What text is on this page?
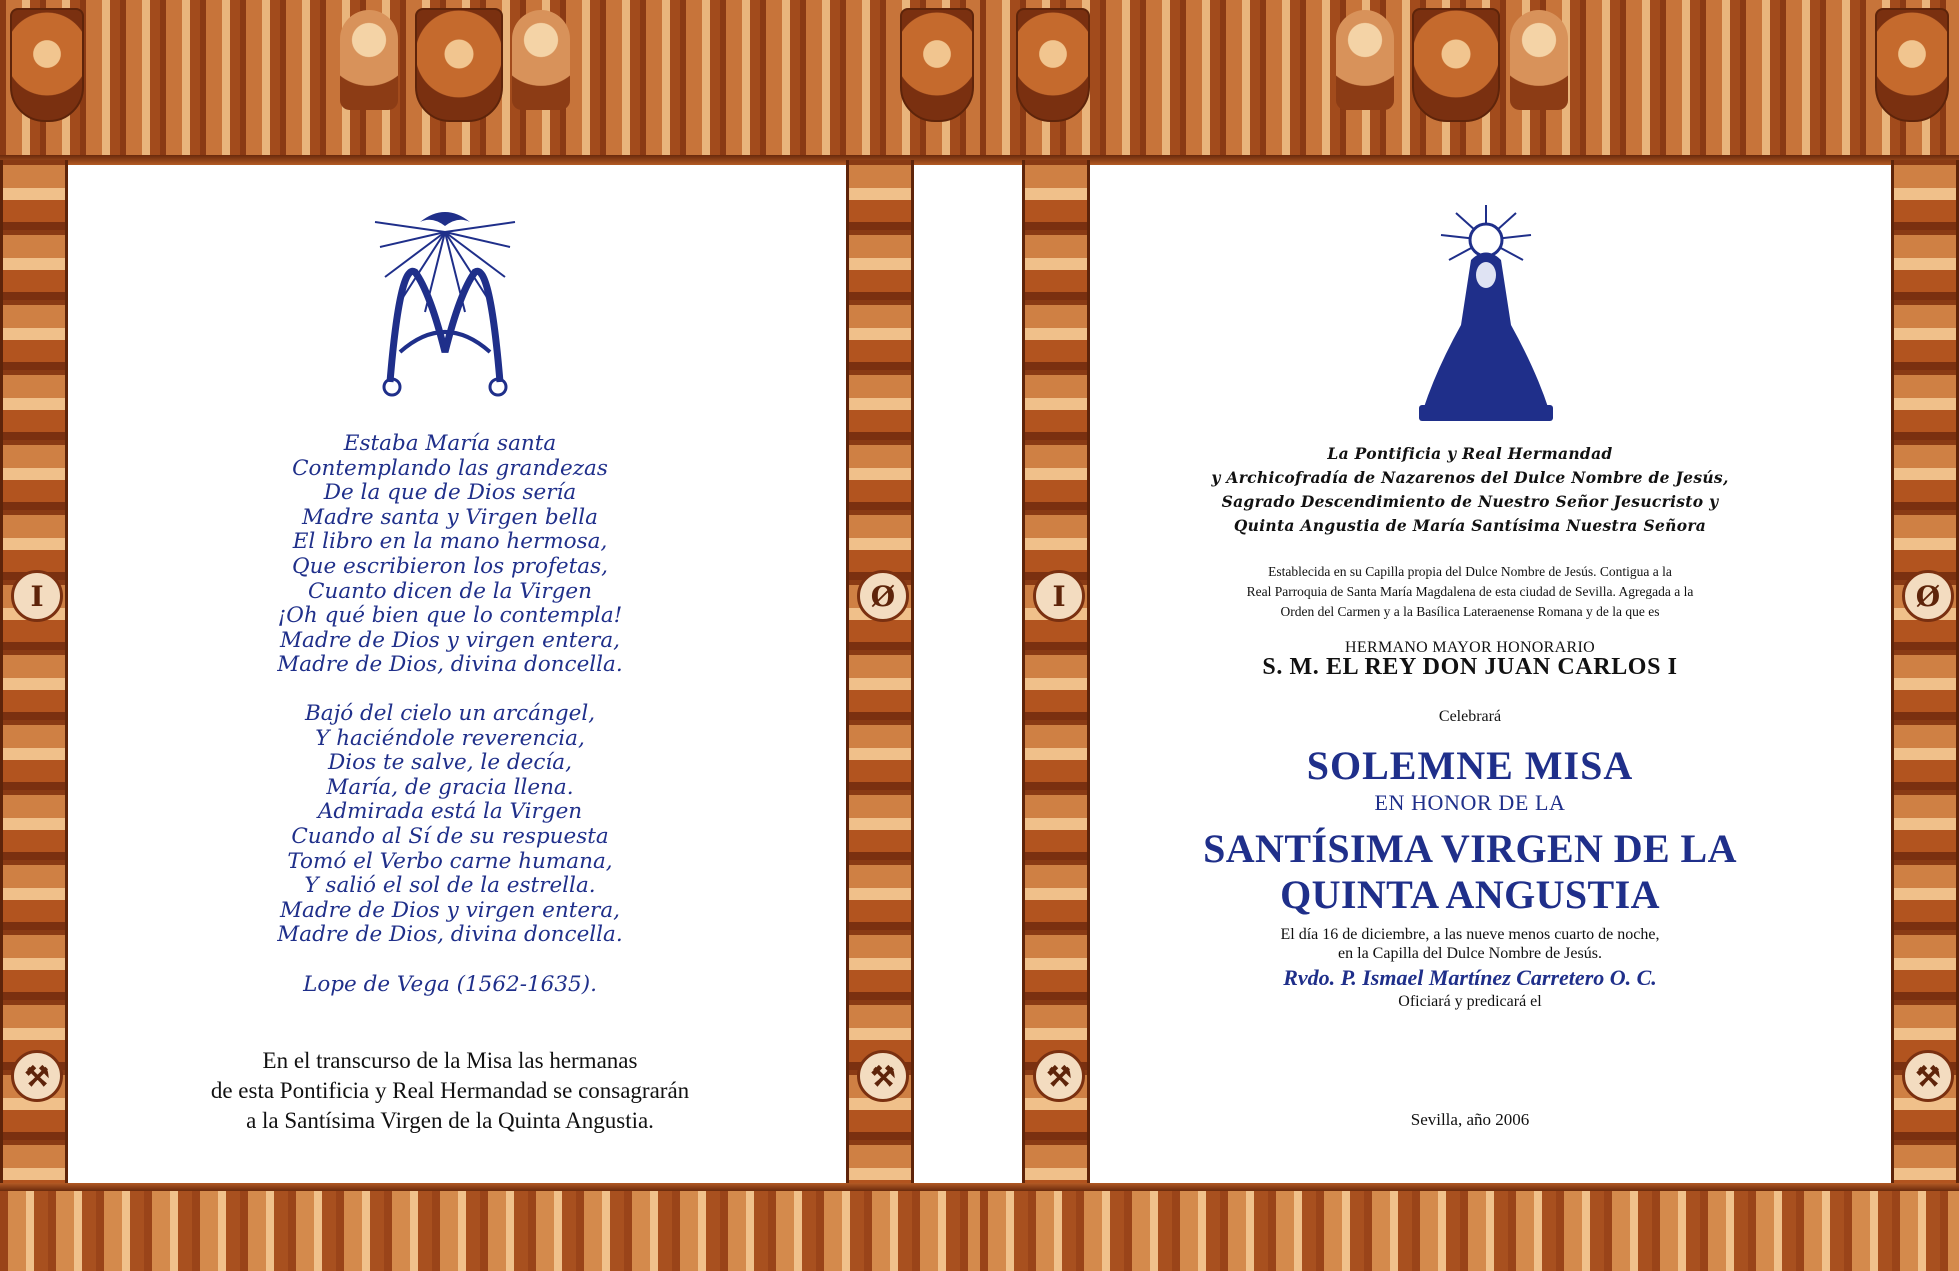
I
⚒
Ø
⚒

Estaba María santa

Contemplando las grandezas

De la que de Dios sería

Madre santa y Virgen bella

El libro en la mano hermosa,

Que escribieron los profetas,

Cuanto dicen de la Virgen

¡Oh qué bien que lo contempla!

Madre de Dios y virgen entera,

Madre de Dios, divina doncella.

Bajó del cielo un arcángel,

Y haciéndole reverencia,

Dios te salve, le decía,

María, de gracia llena.

Admirada está la Virgen

Cuando al Sí de su respuesta

Tomó el Verbo carne humana,

Y salió el sol de la estrella.

Madre de Dios y virgen entera,

Madre de Dios, divina doncella.

Lope de Vega (1562-1635).
En el transcurso de la Misa las hermanas
de esta Pontificia y Real Hermandad se consagrarán
a la Santísima Virgen de la Quinta Angustia.
I
⚒
Ø
⚒
La Pontificia y Real Hermandad
y Archicofradía de Nazarenos del Dulce Nombre de Jesús,
Sagrado Descendimiento de Nuestro Señor Jesucristo y
Quinta Angustia de María Santísima Nuestra Señora
Establecida en su Capilla propia del Dulce Nombre de Jesús. Contigua a la
Real Parroquia de Santa María Magdalena de esta ciudad de Sevilla. Agregada a la
Orden del Carmen y a la Basílica Lateraenense Romana y de la que es
HERMANO MAYOR HONORARIO
S. M. EL REY DON JUAN CARLOS I
Celebrará
SOLEMNE MISA
EN HONOR DE LA
SANTÍSIMA VIRGEN DE LA
QUINTA ANGUSTIA
El día 16 de diciembre, a las nueve menos cuarto de noche,
en la Capilla del Dulce Nombre de Jesús.
Rvdo. P. Ismael Martínez Carretero O. C.
Oficiará y predicará el
Sevilla, año 2006
